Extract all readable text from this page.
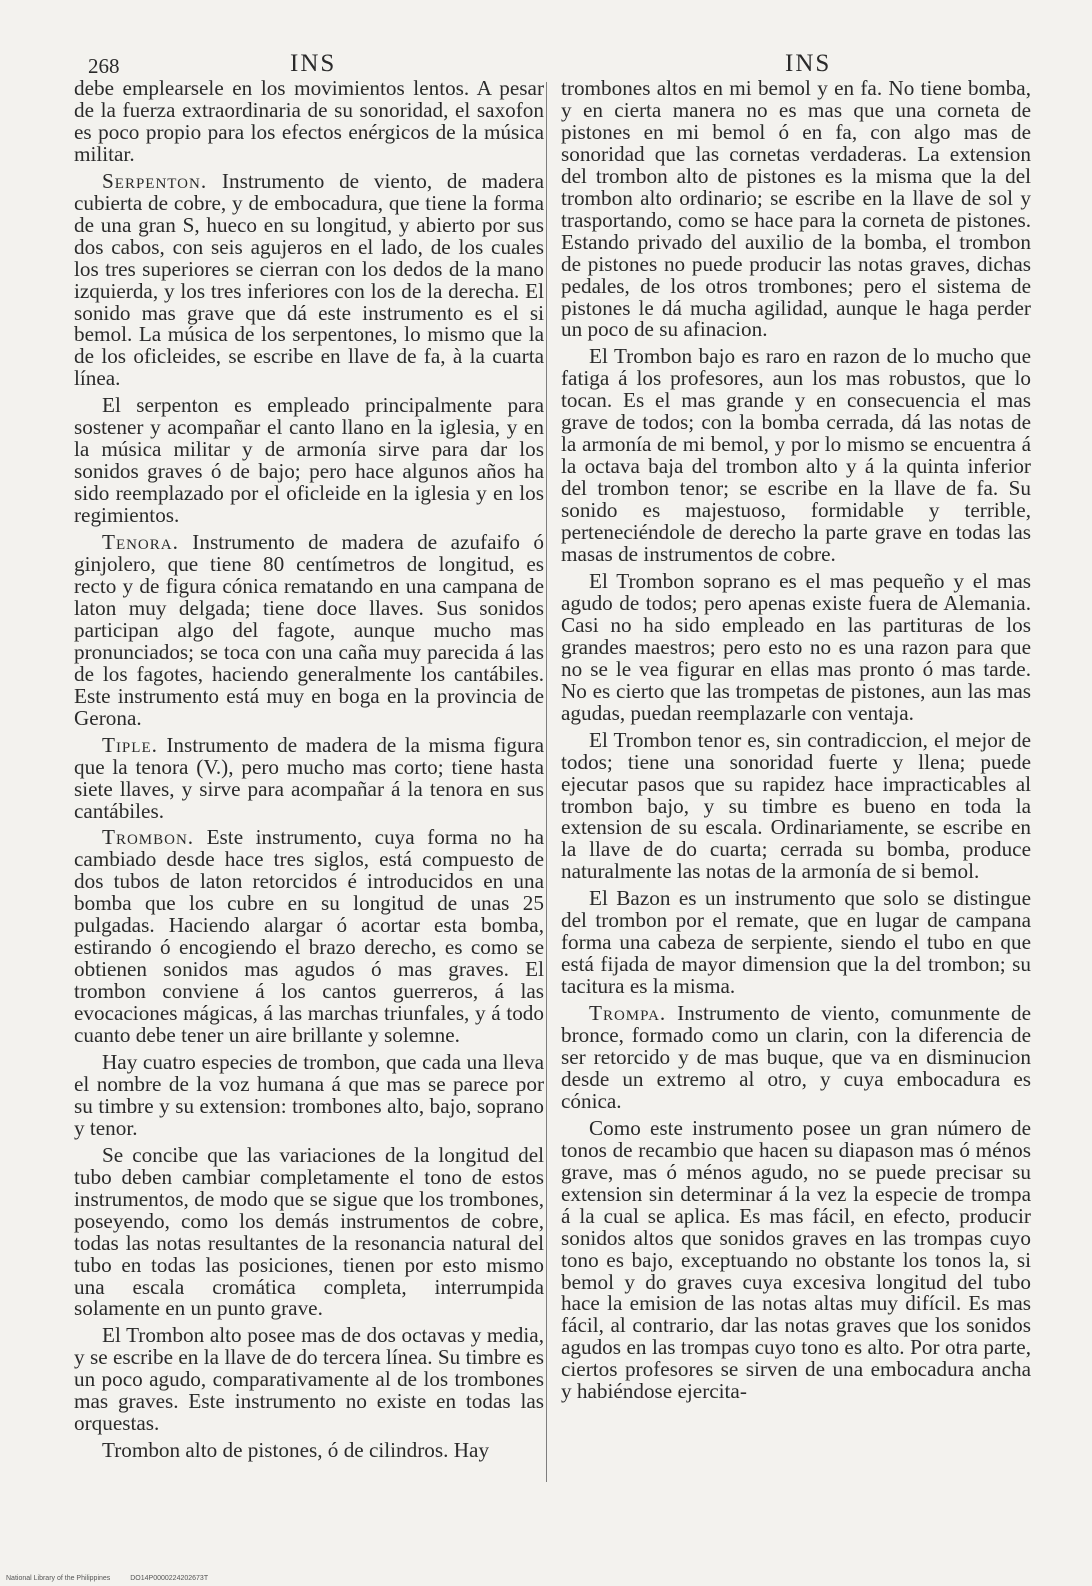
268	INS	INS

debe emplearsele en los movimientos lentos. A pesar de la fuerza extraordinaria de su sonoridad, el saxofon es poco propio para los efectos enérgicos de la música militar.

Serpenton. Instrumento de viento, de madera cubierta de cobre, y de embocadura, que tiene la forma de una gran S, hueco en su longitud, y abierto por sus dos cabos, con seis agujeros en el lado, de los cuales los tres superiores se cierran con los dedos de la mano izquierda, y los tres inferiores con los de la derecha. El sonido mas grave que dá este instrumento es el si bemol. La música de los serpentones, lo mismo que la de los oficleides, se escribe en llave de fa, à la cuarta línea.

El serpenton es empleado principalmente para sostener y acompañar el canto llano en la iglesia, y en la música militar y de armonía sirve para dar los sonidos graves ó de bajo; pero hace algunos años ha sido reemplazado por el oficleide en la iglesia y en los regimientos.

Tenora. Instrumento de madera de azufaifo ó ginjolero, que tiene 80 centímetros de longitud, es recto y de figura cónica rematando en una campana de laton muy delgada; tiene doce llaves. Sus sonidos participan algo del fagote, aunque mucho mas pronunciados; se toca con una caña muy parecida á las de los fagotes, haciendo generalmente los cantábiles. Este instrumento está muy en boga en la provincia de Gerona.

Tiple. Instrumento de madera de la misma figura que la tenora (V.), pero mucho mas corto; tiene hasta siete llaves, y sirve para acompañar á la tenora en sus cantábiles.

Trombon. Este instrumento, cuya forma no ha cambiado desde hace tres siglos, está compuesto de dos tubos de laton retorcidos é introducidos en una bomba que los cubre en su longitud de unas 25 pulgadas. Haciendo alargar ó acortar esta bomba, estirando ó encogiendo el brazo derecho, es como se obtienen sonidos mas agudos ó mas graves. El trombon conviene á los cantos guerreros, á las evocaciones mágicas, á las marchas triunfales, y á todo cuanto debe tener un aire brillante y solemne.

Hay cuatro especies de trombon, que cada una lleva el nombre de la voz humana á que mas se parece por su timbre y su extension: trombones alto, bajo, soprano y tenor.

Se concibe que las variaciones de la longitud del tubo deben cambiar completamente el tono de estos instrumentos, de modo que se sigue que los trombones, poseyendo, como los demás instrumentos de cobre, todas las notas resultantes de la resonancia natural del tubo en todas las posiciones, tienen por esto mismo una escala cromática completa, interrumpida solamente en un punto grave.

El Trombon alto posee mas de dos octavas y media, y se escribe en la llave de do tercera línea. Su timbre es un poco agudo, comparativamente al de los trombones mas graves. Este instrumento no existe en todas las orquestas.

Trombon alto de pistones, ó de cilindros. Hay

trombones altos en mi bemol y en fa. No tiene bomba, y en cierta manera no es mas que una corneta de pistones en mi bemol ó en fa, con algo mas de sonoridad que las cornetas verdaderas. La extension del trombon alto de pistones es la misma que la del trombon alto ordinario; se escribe en la llave de sol y trasportando, como se hace para la corneta de pistones. Estando privado del auxilio de la bomba, el trombon de pistones no puede producir las notas graves, dichas pedales, de los otros trombones; pero el sistema de pistones le dá mucha agilidad, aunque le haga perder un poco de su afinacion.

El Trombon bajo es raro en razon de lo mucho que fatiga á los profesores, aun los mas robustos, que lo tocan. Es el mas grande y en consecuencia el mas grave de todos; con la bomba cerrada, dá las notas de la armonía de mi bemol, y por lo mismo se encuentra á la octava baja del trombon alto y á la quinta inferior del trombon tenor; se escribe en la llave de fa. Su sonido es majestuoso, formidable y terrible, perteneciéndole de derecho la parte grave en todas las masas de instrumentos de cobre.

El Trombon soprano es el mas pequeño y el mas agudo de todos; pero apenas existe fuera de Alemania. Casi no ha sido empleado en las partituras de los grandes maestros; pero esto no es una razon para que no se le vea figurar en ellas mas pronto ó mas tarde. No es cierto que las trompetas de pistones, aun las mas agudas, puedan reemplazarle con ventaja.

El Trombon tenor es, sin contradiccion, el mejor de todos; tiene una sonoridad fuerte y llena; puede ejecutar pasos que su rapidez hace impracticables al trombon bajo, y su timbre es bueno en toda la extension de su escala. Ordinariamente, se escribe en la llave de do cuarta; cerrada su bomba, produce naturalmente las notas de la armonía de si bemol.

El Bazon es un instrumento que solo se distingue del trombon por el remate, que en lugar de campana forma una cabeza de serpiente, siendo el tubo en que está fijada de mayor dimension que la del trombon; su tacitura es la misma.

Trompa. Instrumento de viento, comunmente de bronce, formado como un clarin, con la diferencia de ser retorcido y de mas buque, que va en disminucion desde un extremo al otro, y cuya embocadura es cónica.

Como este instrumento posee un gran número de tonos de recambio que hacen su diapason mas ó ménos grave, mas ó ménos agudo, no se puede precisar su extension sin determinar á la vez la especie de trompa á la cual se aplica. Es mas fácil, en efecto, producir sonidos altos que sonidos graves en las trompas cuyo tono es bajo, exceptuando no obstante los tonos la, si bemol y do graves cuya excesiva longitud del tubo hace la emision de las notas altas muy difícil. Es mas fácil, al contrario, dar las notas graves que los sonidos agudos en las trompas cuyo tono es alto. Por otra parte, ciertos profesores se sirven de una embocadura ancha y habiéndose ejercita-

National Library of the Philippines	DO14P0000224202673T
